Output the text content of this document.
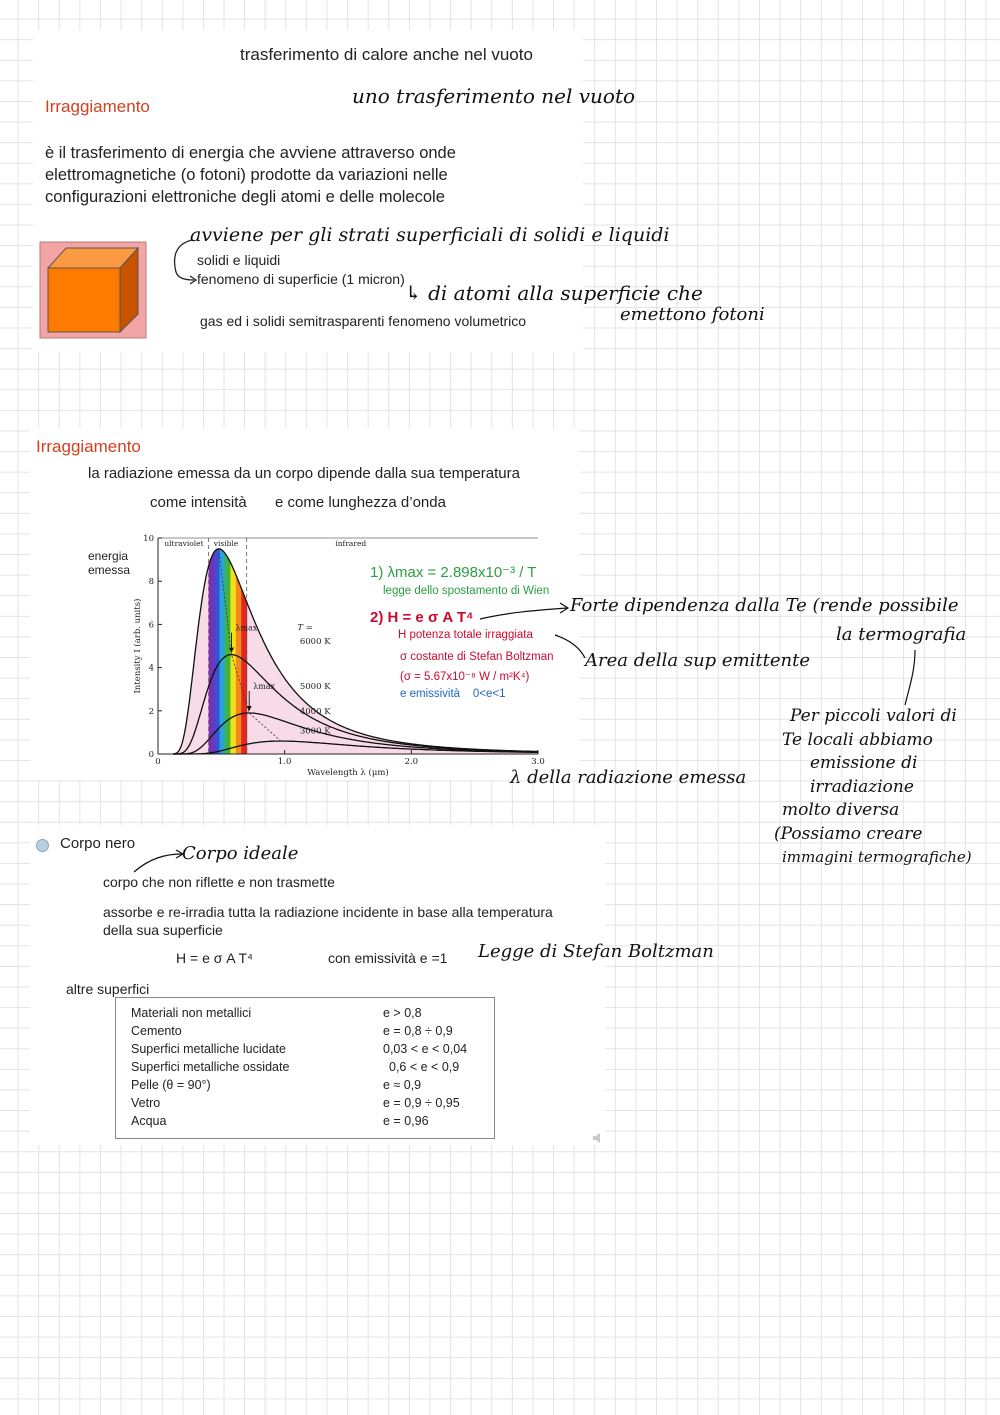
trasferimento di calore anche nel vuoto
Irraggiamento
è il trasferimento di energia che avviene attraverso onde
elettromagnetiche (o fotoni) prodotte da variazioni nelle
configurazioni elettroniche degli atomi e delle molecole
solidi e liquidi
fenomeno di superficie (1 micron)
gas ed i solidi semitrasparenti fenomeno volumetrico
uno trasferimento nel vuoto
avviene per gli strati superficiali di solidi e liquidi
↳ di atomi alla superficie che
emettono fotoni
Irraggiamento
la radiazione emessa da un corpo dipende dalla sua temperatura
come intensità e come lunghezza d’onda
energia
emessa
0
2
4
6
8
10
0	1.0	2.0	3.0
Wavelength λ (μm)
Intensity I (arb. units)
ultraviolet visible	infrared
λmax
λmax
T =
6000 K
5000 K
4000 K
3000 K
1) λmax = 2.898x10⁻³ / T
legge dello spostamento di Wien
2) H = e σ A T⁴
H potenza totale irraggiata
σ costante di Stefan Boltzman
(σ = 5.67x10⁻⁸ W / m²K⁴)
e emissività    0<e<1
Forte dipendenza dalla Te (rende possibile
la termografia
Area della sup emittente
λ della radiazione emessa
Per piccoli valori di
Te locali abbiamo
emissione di
irradiazione
molto diversa
(Possiamo creare
immagini termografiche)
Corpo nero
corpo che non riflette e non trasmette
assorbe e re-irradia tutta la radiazione incidente in base alla temperatura
della sua superficie
H = e σ A T⁴	con emissività e =1
altre superfici
Materiali non metallici	e > 0,8
Cemento	e = 0,8 ÷ 0,9
Superfici metalliche lucidate	0,03 < e < 0,04
Superfici metalliche ossidate	0,6 < e < 0,9
Pelle (θ = 90°)	e ≈ 0,9
Vetro	e = 0,9 ÷ 0,95
Acqua	e = 0,96
Corpo ideale
Legge di Stefan Boltzman
